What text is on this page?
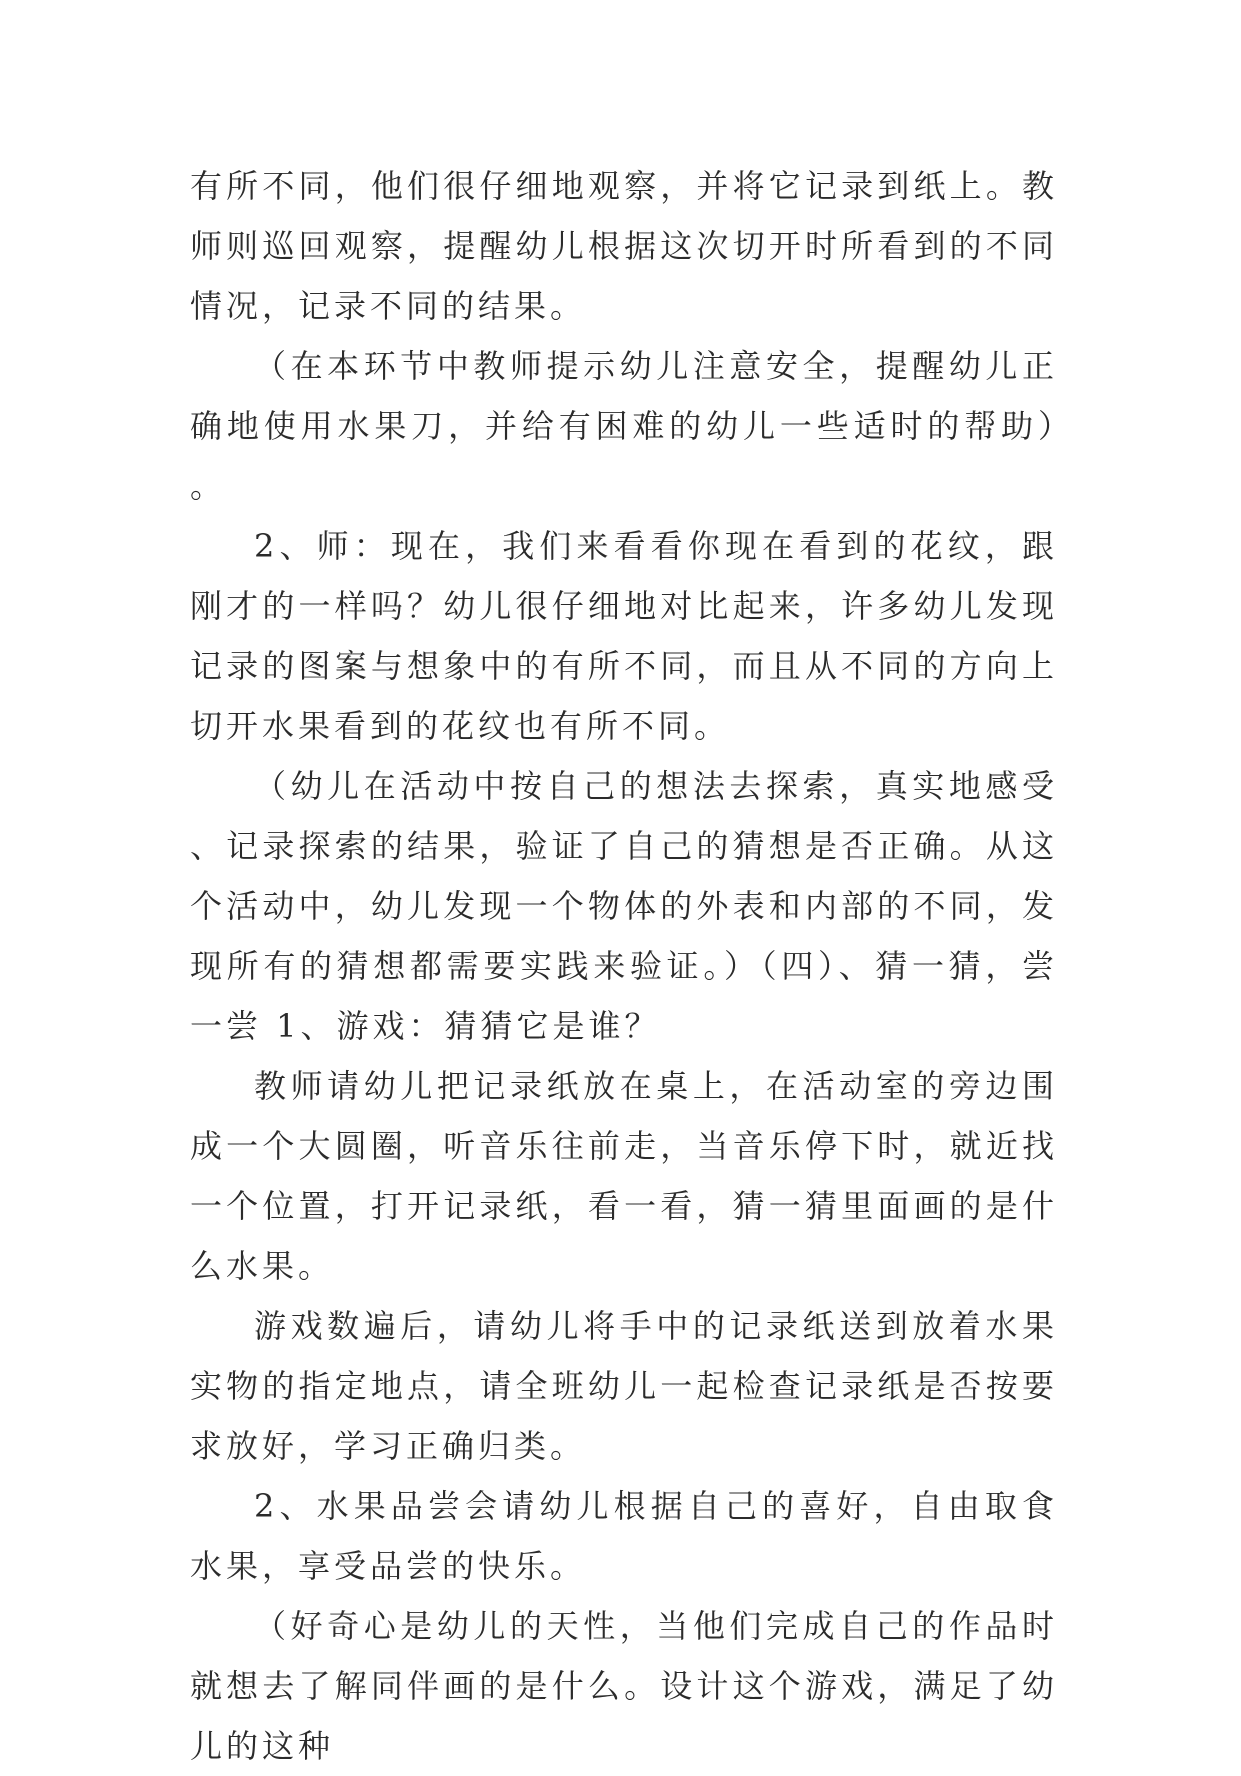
有所不同，他们很仔细地观察，并将它记录到纸上。教师则巡回观察，提醒幼儿根据这次切开时所看到的不同情况，记录不同的结果。

（在本环节中教师提示幼儿注意安全，提醒幼儿正确地使用水果刀，并给有困难的幼儿一些适时的帮助）。

2、师：现在，我们来看看你现在看到的花纹，跟刚才的一样吗？幼儿很仔细地对比起来，许多幼儿发现记录的图案与想象中的有所不同，而且从不同的方向上切开水果看到的花纹也有所不同。

（幼儿在活动中按自己的想法去探索，真实地感受、记录探索的结果，验证了自己的猜想是否正确。从这个活动中，幼儿发现一个物体的外表和内部的不同，发现所有的猜想都需要实践来验证。）（四）、猜一猜，尝一尝 1、游戏：猜猜它是谁？

教师请幼儿把记录纸放在桌上，在活动室的旁边围成一个大圆圈，听音乐往前走，当音乐停下时，就近找一个位置，打开记录纸，看一看，猜一猜里面画的是什么水果。

游戏数遍后，请幼儿将手中的记录纸送到放着水果实物的指定地点，请全班幼儿一起检查记录纸是否按要求放好，学习正确归类。

2、水果品尝会请幼儿根据自己的喜好，自由取食水果，享受品尝的快乐。

（好奇心是幼儿的天性，当他们完成自己的作品时就想去了解同伴画的是什么。设计这个游戏，满足了幼儿的这种
